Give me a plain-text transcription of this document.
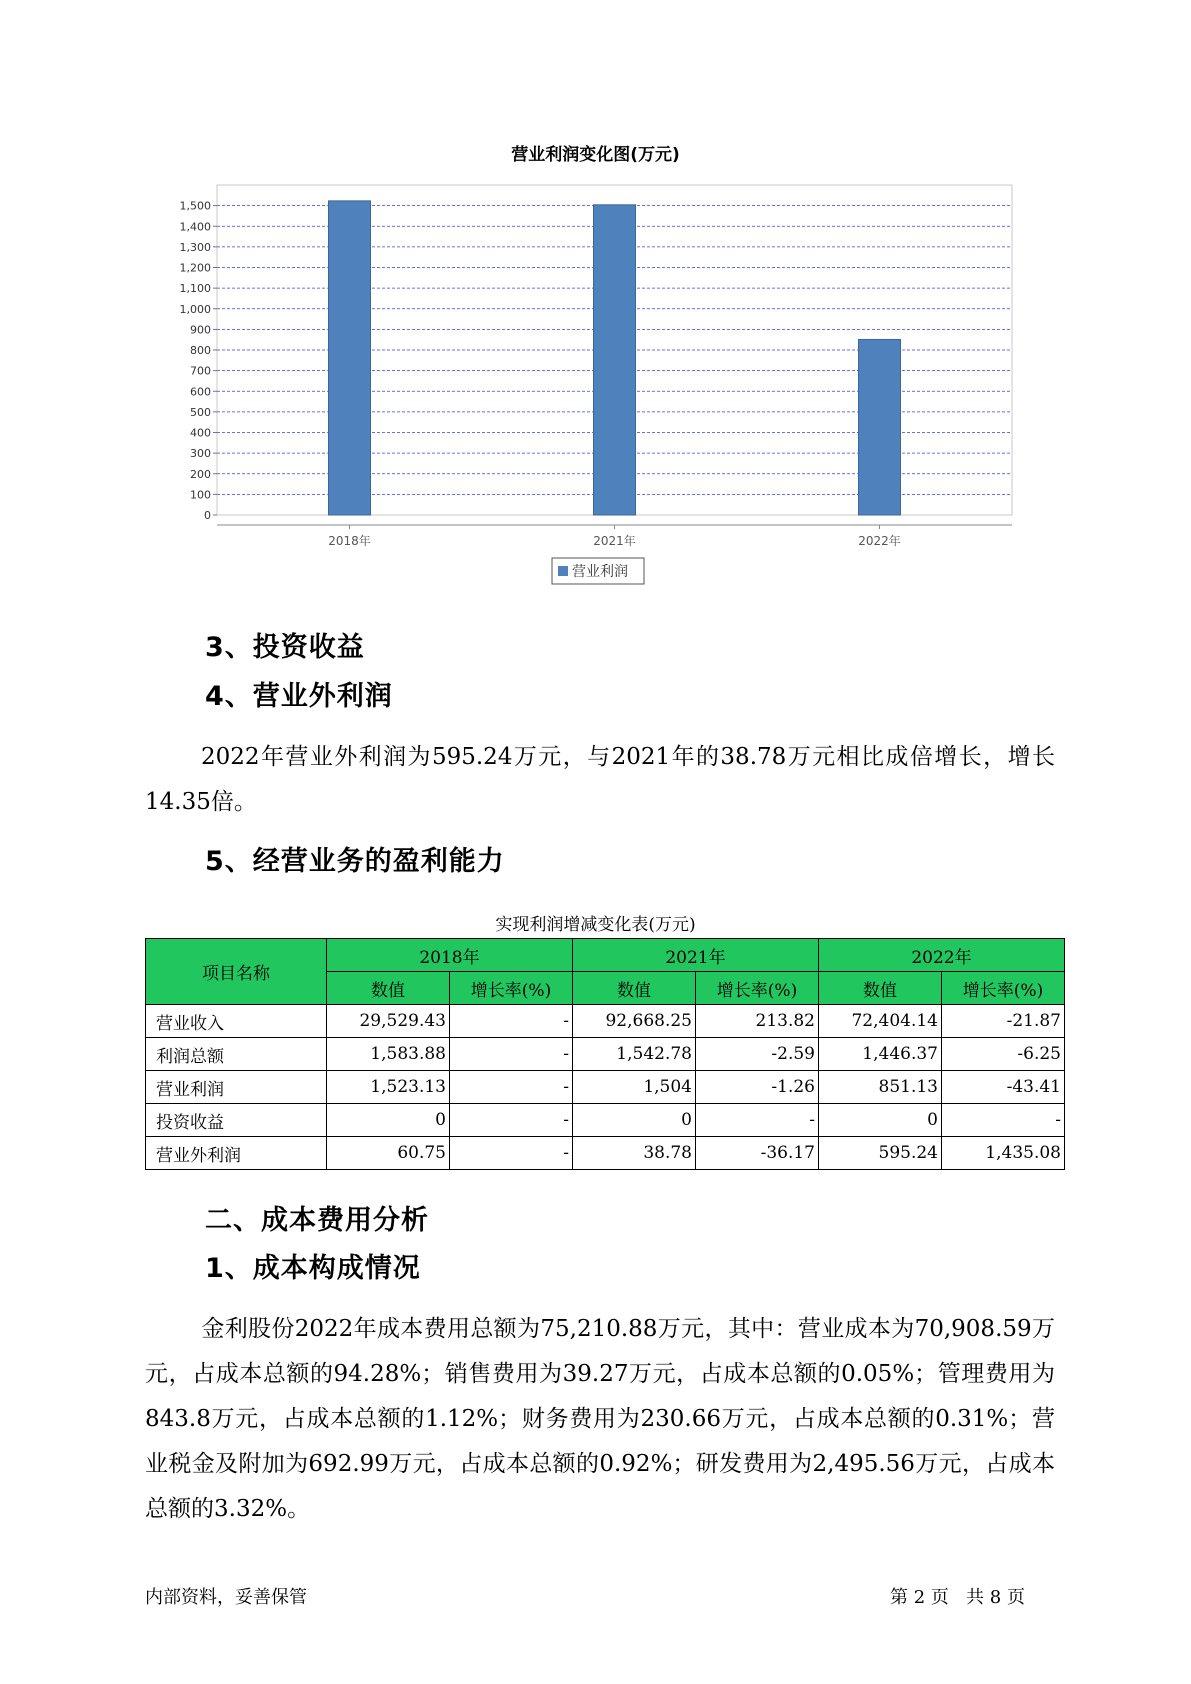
营业利润变化图(万元)
0
100
200
300
400
500
600
700
800
900
1,000
1,100
1,200
1,300
1,400
1,500
2018年	2021年	2022年
营业利润
3、投资收益
4、营业外利润
2022年营业外利润为595.24万元，与2021年的38.78万元相比成倍增长，增长14.35倍。
5、经营业务的盈利能力
实现利润增减变化表(万元)
项目名称	2018年		2021年		2022年	
	数值	增长率(%)	数值	增长率(%)	数值	增长率(%)
营业收入	29,529.43	-	92,668.25	213.82	72,404.14	-21.87
利润总额	1,583.88	-	1,542.78	-2.59	1,446.37	-6.25
营业利润	1,523.13	-	1,504	-1.26	851.13	-43.41
投资收益	0	-	0	-	0	-
营业外利润	60.75	-	38.78	-36.17	595.24	1,435.08
二、成本费用分析
1、成本构成情况
金利股份2022年成本费用总额为75,210.88万元，其中：营业成本为70,908.59万元，占成本总额的94.28%；销售费用为39.27万元，占成本总额的0.05%；管理费用为843.8万元，占成本总额的1.12%；财务费用为230.66万元，占成本总额的0.31%；营业税金及附加为692.99万元，占成本总额的0.92%；研发费用为2,495.56万元，占成本总额的3.32%。
内部资料，妥善保管	第 2 页   共 8 页
